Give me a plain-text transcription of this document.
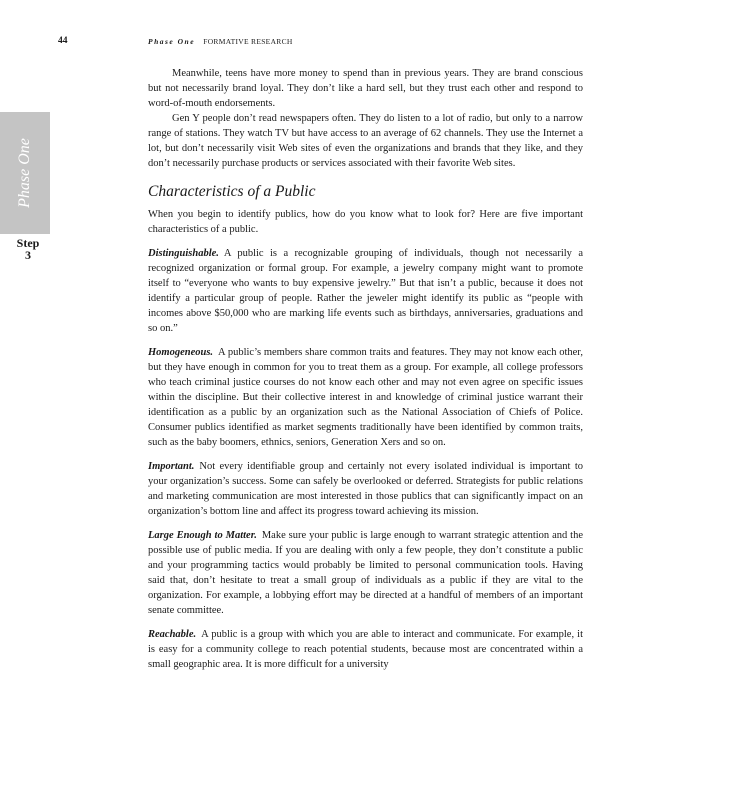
44	Phase One FORMATIVE RESEARCH
Phase One
Step
3

Meanwhile, teens have more money to spend than in previous years. They are brand conscious but not necessarily brand loyal. They don’t like a hard sell, but they trust each other and respond to word-of-mouth endorsements.

Gen Y people don’t read newspapers often. They do listen to a lot of radio, but only to a narrow range of stations. They watch TV but have access to an average of 62 channels. They use the Internet a lot, but don’t necessarily visit Web sites of even the organizations and brands that they like, and they don’t necessarily purchase products or services associated with their favorite Web sites.

Characteristics of a Public

When you begin to identify publics, how do you know what to look for? Here are five important characteristics of a public.

Distinguishable. A public is a recognizable grouping of individuals, though not necessarily a recognized organization or formal group. For example, a jewelry company might want to promote itself to “everyone who wants to buy expensive jewelry.” But that isn’t a public, because it does not identify a particular group of people. Rather the jeweler might identify its public as “people with incomes above $50,000 who are marking life events such as birthdays, anniversaries, graduations and so on.”

Homogeneous. A public’s members share common traits and features. They may not know each other, but they have enough in common for you to treat them as a group. For example, all college professors who teach criminal justice courses do not know each other and may not even agree on specific issues within the discipline. But their collective interest in and knowledge of criminal justice warrant their identification as a public by an organization such as the National Association of Chiefs of Police. Consumer publics identified as market segments traditionally have been identified by common traits, such as the baby boomers, ethnics, seniors, Generation Xers and so on.

Important. Not every identifiable group and certainly not every isolated individual is important to your organization’s success. Some can safely be overlooked or deferred. Strategists for public relations and marketing communication are most interested in those publics that can significantly impact on an organization’s bottom line and affect its progress toward achieving its mission.

Large Enough to Matter. Make sure your public is large enough to warrant strategic attention and the possible use of public media. If you are dealing with only a few people, they don’t constitute a public and your programming tactics would probably be limited to personal communication tools. Having said that, don’t hesitate to treat a small group of individuals as a public if they are vital to the organization. For example, a lobbying effort may be directed at a handful of members of an important senate committee.

Reachable. A public is a group with which you are able to interact and communicate. For example, it is easy for a community college to reach potential students, because most are concentrated within a small geographic area. It is more difficult for a university
